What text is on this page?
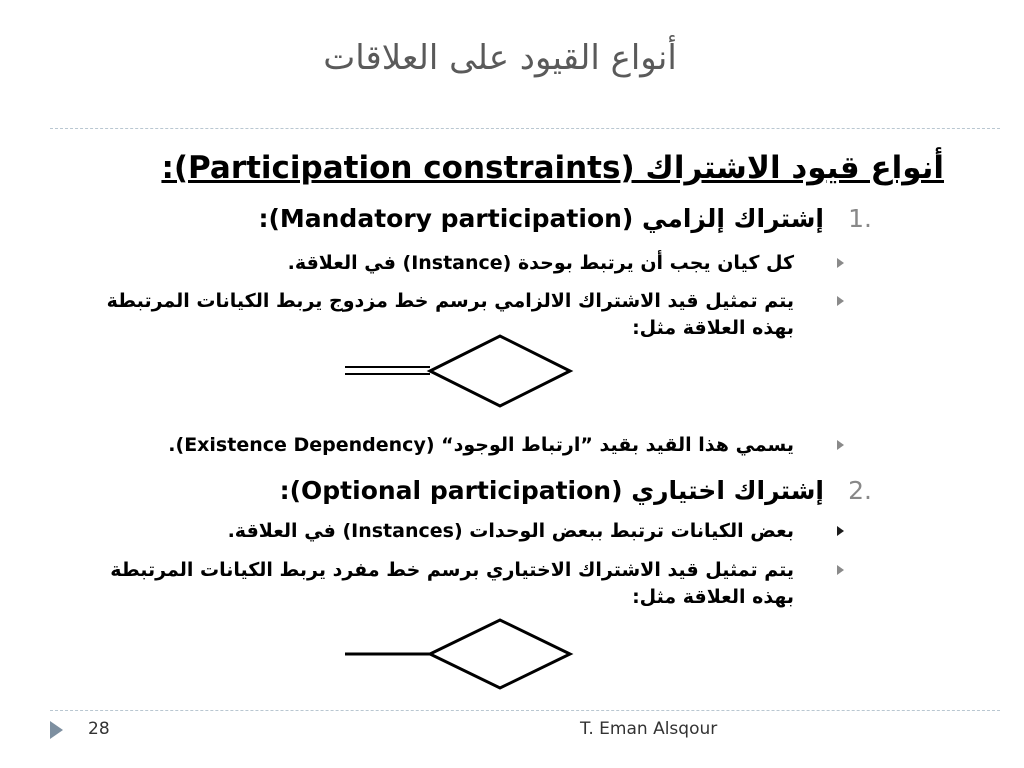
أنواع القيود على العلاقات
أنواع قيود الاشتراك (Participation constraints):
.1
إشتراك إلزامي (Mandatory participation):
كل كيان يجب أن يرتبط بوحدة (Instance) في العلاقة.
يتم تمثيل قيد الاشتراك الالزامي برسم خط مزدوج يربط الكيانات المرتبطة بهذه العلاقة مثل:
يسمي هذا القيد بقيد ”ارتباط الوجود“ (Existence Dependency).
.2
إشتراك اختياري (Optional participation):
بعض الكيانات ترتبط ببعض الوحدات (Instances) في العلاقة.
يتم تمثيل قيد الاشتراك الاختياري برسم خط مفرد يربط الكيانات المرتبطة بهذه العلاقة مثل:
28	T. Eman Alsqour
